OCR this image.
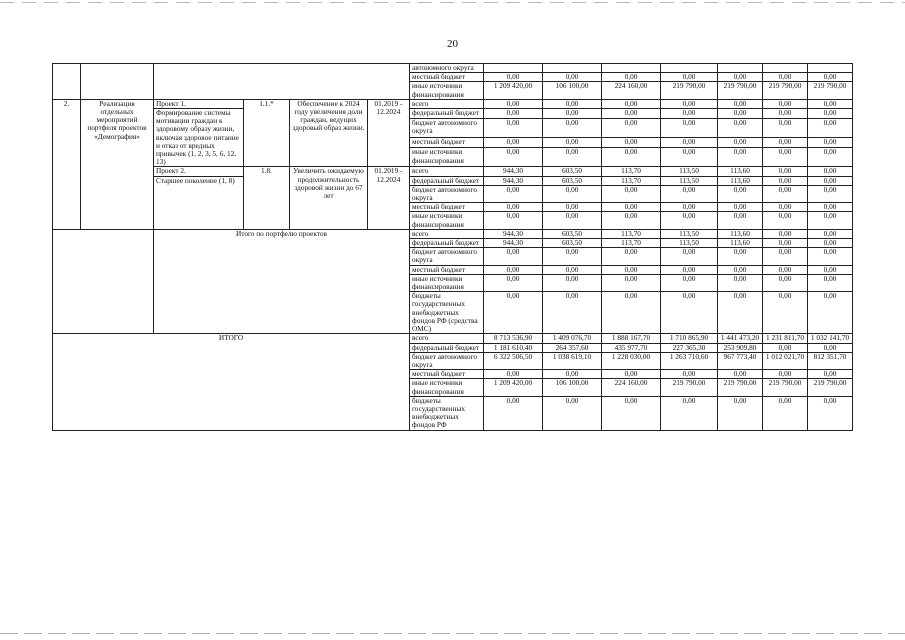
20
						автономного округа							
						местный бюджет	0,00	0,00	0,00	0,00	0,00	0,00	0,00
						иные источники финансирования	1 209 420,00	106 100,00	224 160,00	219 790,00	219 790,00	219 790,00	219 790,00
2.	Реализация отдельных мероприятий портфеля проектов «Демография»	Проект 1.	1.1.*	Обеспечение к 2024 году увеличения доли граждан, ведущих здоровый образ жизни.	01.2019 - 12.2024	всего	0,00	0,00	0,00	0,00	0,00	0,00	0,00
		Формирование системы мотивации граждан к здоровому образу жизни, включая здоровое питание и отказ от вредных привычек (1, 2, 3, 5, 6, 12, 13)				федеральный бюджет	0,00	0,00	0,00	0,00	0,00	0,00	0,00
						бюджет автономного округа	0,00	0,00	0,00	0,00	0,00	0,00	0,00
						местный бюджет	0,00	0,00	0,00	0,00	0,00	0,00	0,00
						иные источники финансирования	0,00	0,00	0,00	0,00	0,00	0,00	0,00
		Проект 2.	1.8.	Увеличить ожидаемую продолжительность здоровой жизни до 67 лет	01.2019 - 12.2024	всего	944,30	603,50	113,70	113,50	113,60	0,00	0,00
		Старшее поколение (1, 8)				федеральный бюджет	944,30	603,50	113,70	113,50	113,60	0,00	0,00
						бюджет автономного округа	0,00	0,00	0,00	0,00	0,00	0,00	0,00
						местный бюджет	0,00	0,00	0,00	0,00	0,00	0,00	0,00
						иные источники финансирования	0,00	0,00	0,00	0,00	0,00	0,00	0,00
		Итого по портфелю проектов				всего	944,30	603,50	113,70	113,50	113,60	0,00	0,00
						федеральный бюджет	944,30	603,50	113,70	113,50	113,60	0,00	0,00
						бюджет автономного округа	0,00	0,00	0,00	0,00	0,00	0,00	0,00
						местный бюджет	0,00	0,00	0,00	0,00	0,00	0,00	0,00
						иные источники финансирования	0,00	0,00	0,00	0,00	0,00	0,00	0,00
						бюджеты государственных внебюджетных фондов РФ (средства ОМС)	0,00	0,00	0,00	0,00	0,00	0,00	0,00
ИТОГО						всего	8 713 536,90	1 409 076,70	1 888 167,70	1 710 865,90	1 441 473,20	1 231 811,70	1 032 141,70
						федеральный бюджет	1 181 610,40	264 357,60	435 977,70	227 365,30	253 909,80	0,00	0,00
						бюджет автономного округа	6 322 506,50	1 038 619,10	1 228 030,00	1 263 710,60	967 773,40	1 012 021,70	812 351,70
						местный бюджет	0,00	0,00	0,00	0,00	0,00	0,00	0,00
						иные источники финансирования	1 209 420,00	106 100,00	224 160,00	219 790,00	219 790,00	219 790,00	219 790,00
						бюджеты государственных внебюджетных фондов РФ	0,00	0,00	0,00	0,00	0,00	0,00	0,00
